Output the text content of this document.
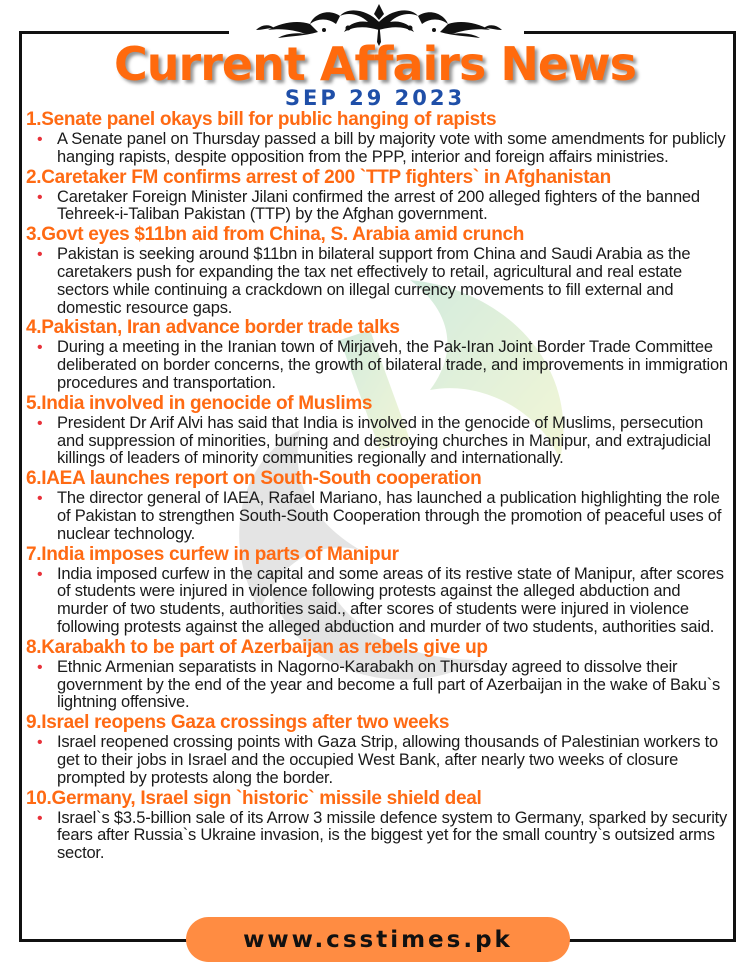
Current Affairs News
SEP 29 2023
1.Senate panel okays bill for public hanging of rapists
• A Senate panel on Thursday passed a bill by majority vote with some amendments for publicly hanging rapists, despite opposition from the PPP, interior and foreign affairs ministries.
2.Caretaker FM confirms arrest of 200 `TTP fighters` in Afghanistan
• Caretaker Foreign Minister Jilani confirmed the arrest of 200 alleged fighters of the banned Tehreek-i-Taliban Pakistan (TTP) by the Afghan government.
3.Govt eyes $11bn aid from China, S. Arabia amid crunch
• Pakistan is seeking around $11bn in bilateral support from China and Saudi Arabia as the caretakers push for expanding the tax net effectively to retail, agricultural and real estate sectors while continuing a crackdown on illegal currency movements to fill external and domestic resource gaps.
4.Pakistan, Iran advance border trade talks
• During a meeting in the Iranian town of Mirjaveh, the Pak-Iran Joint Border Trade Committee deliberated on border concerns, the growth of bilateral trade, and improvements in immigration procedures and transportation.
5.India involved in genocide of Muslims
• President Dr Arif Alvi has said that India is involved in the genocide of Muslims, persecution and suppression of minorities, burning and destroying churches in Manipur, and extrajudicial killings of leaders of minority communities regionally and internationally.
6.IAEA launches report on South-South cooperation
• The director general of IAEA, Rafael Mariano, has launched a publication highlighting the role of Pakistan to strengthen South-South Cooperation through the promotion of peaceful uses of nuclear technology.
7.India imposes curfew in parts of Manipur
• India imposed curfew in the capital and some areas of its restive state of Manipur, after scores of students were injured in violence following protests against the alleged abduction and murder of two students, authorities said., after scores of students were injured in violence following protests against the alleged abduction and murder of two students, authorities said.
8.Karabakh to be part of Azerbaijan as rebels give up
• Ethnic Armenian separatists in Nagorno-Karabakh on Thursday agreed to dissolve their government by the end of the year and become a full part of Azerbaijan in the wake of Baku`s lightning offensive.
9.Israel reopens Gaza crossings after two weeks
• Israel reopened crossing points with Gaza Strip, allowing thousands of Palestinian workers to get to their jobs in Israel and the occupied West Bank, after nearly two weeks of closure prompted by protests along the border.
10.Germany, Israel sign `historic` missile shield deal
• Israel`s $3.5-billion sale of its Arrow 3 missile defence system to Germany, sparked by security fears after Russia`s Ukraine invasion, is the biggest yet for the small country`s outsized arms sector.
www.csstimes.pk
